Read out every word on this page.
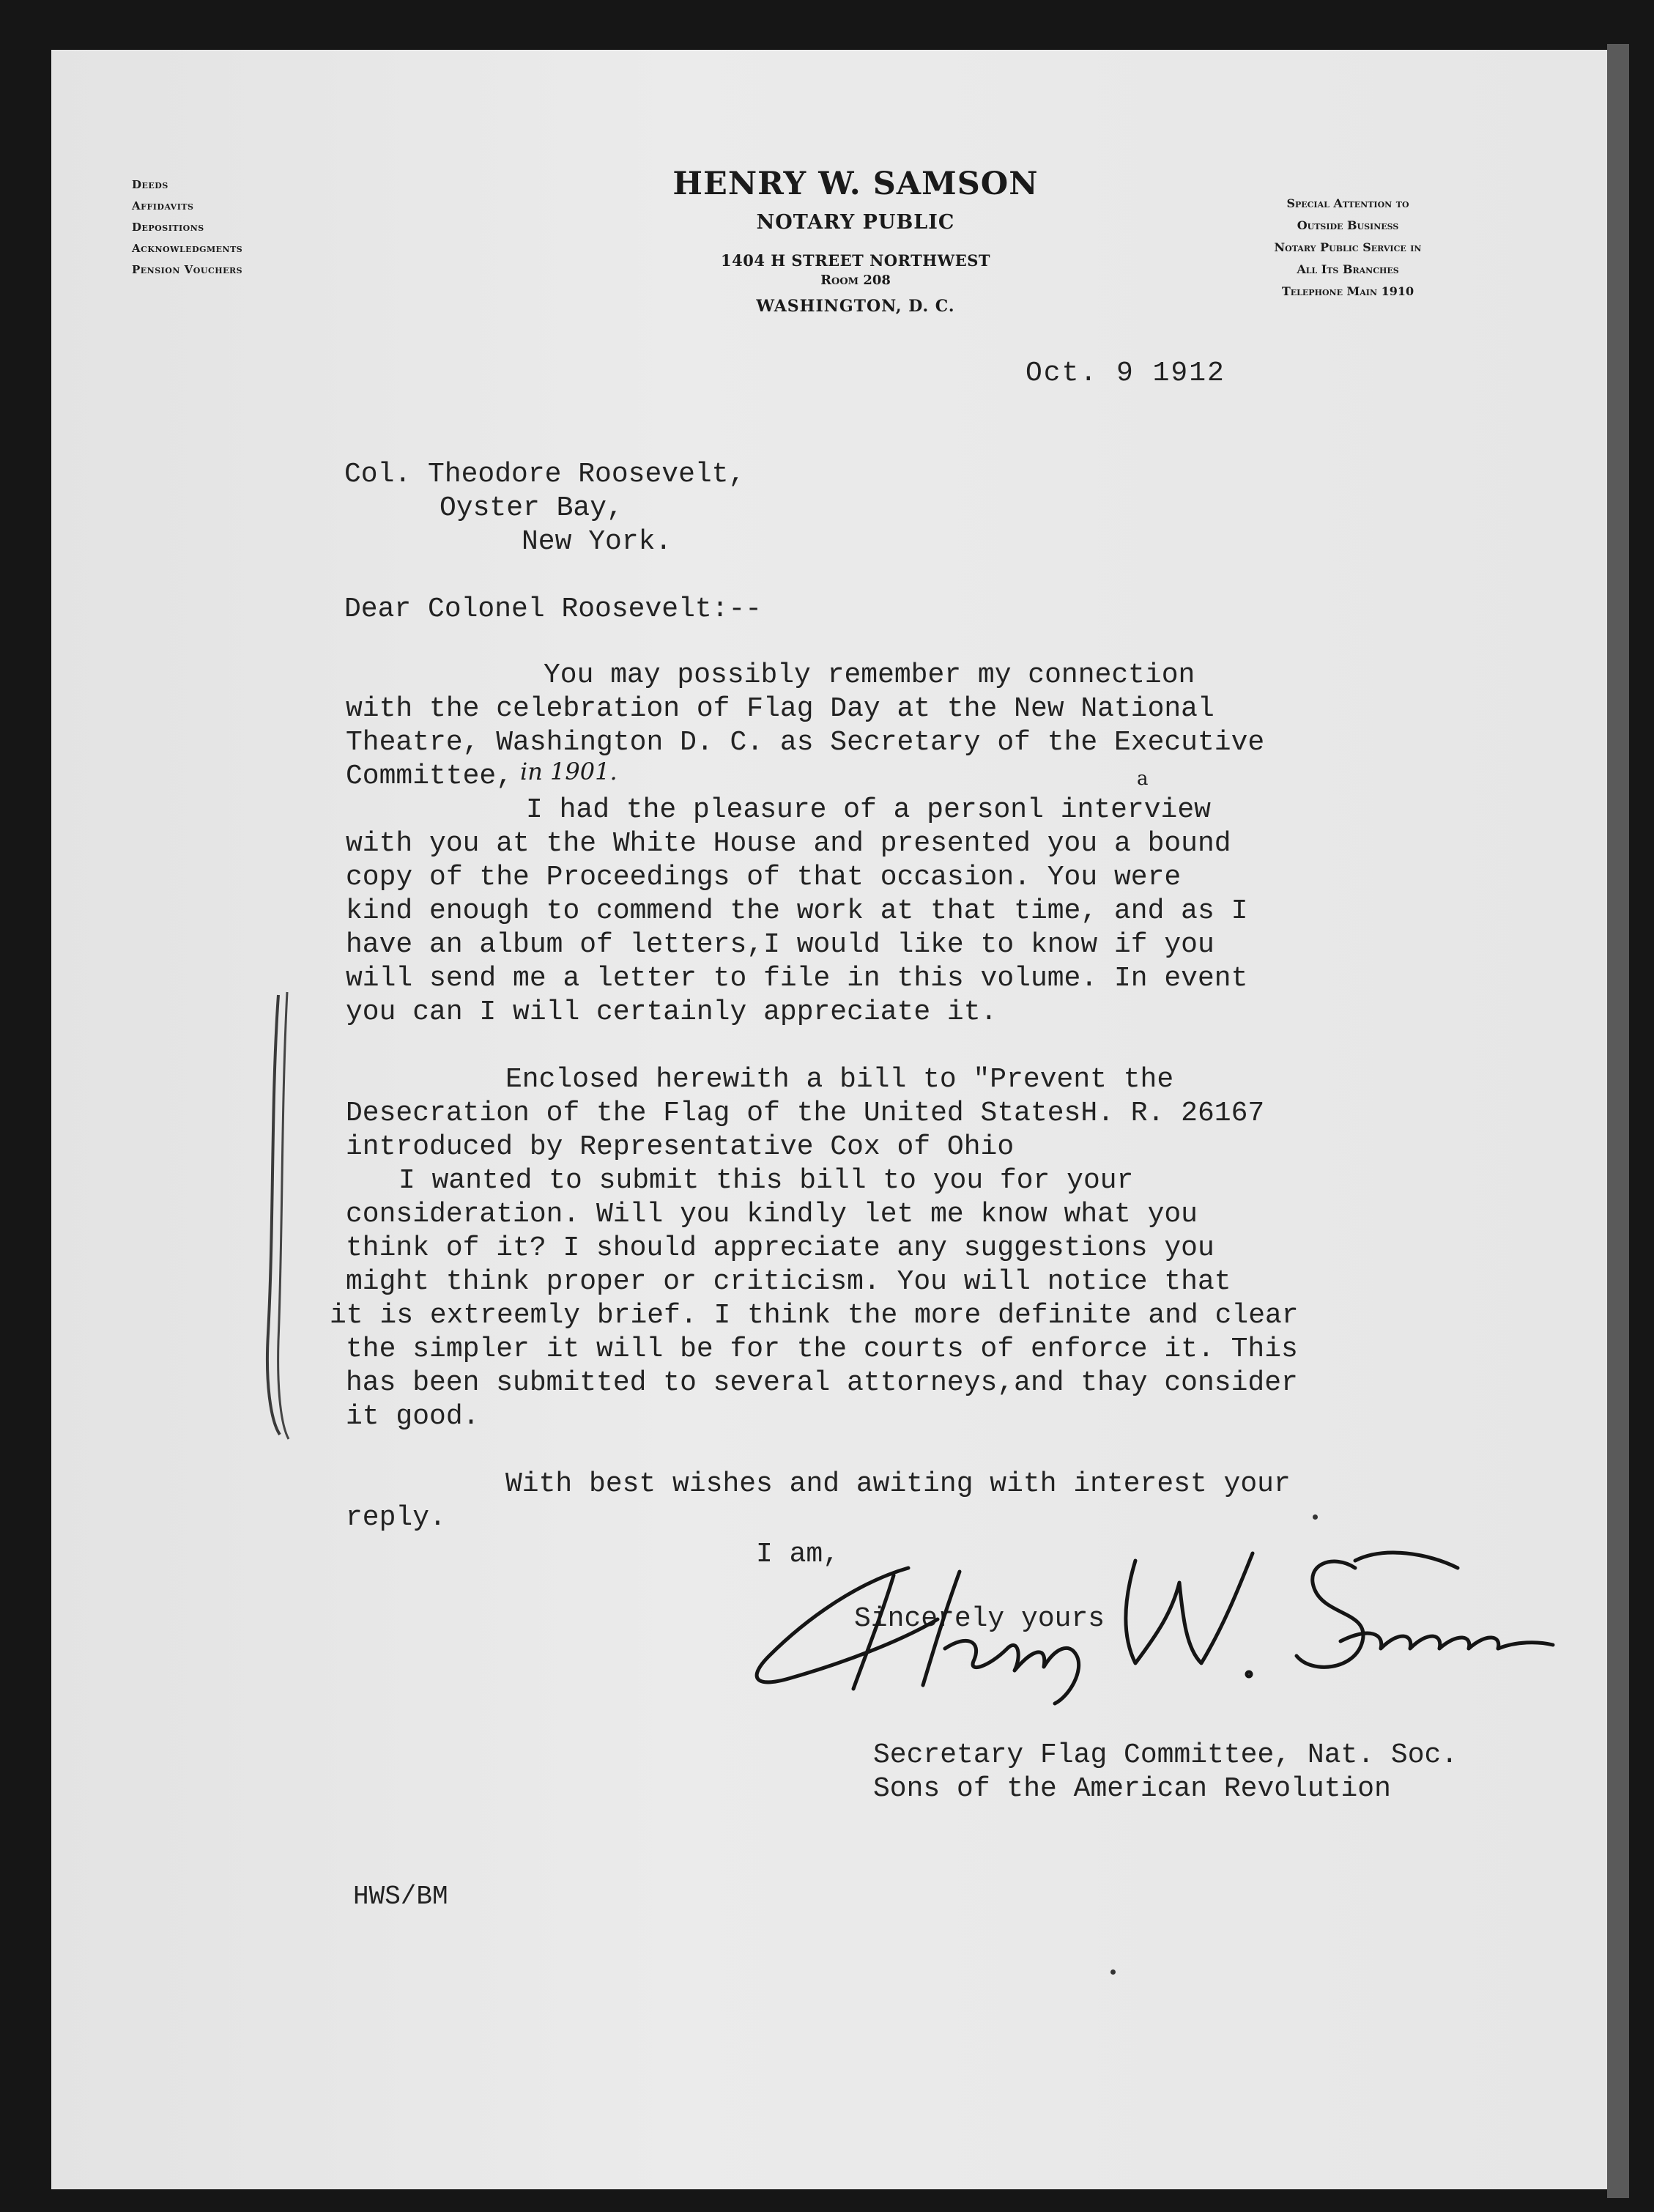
Deeds
Affidavits
Depositions
Acknowledgments
Pension Vouchers
HENRY W. SAMSON
NOTARY PUBLIC
1404 H STREET NORTHWEST
Room 208
WASHINGTON, D. C.
Special Attention to
Outside Business
Notary Public Service in
All Its Branches
Telephone Main 1910
Oct. 9 1912
Col. Theodore Roosevelt,
Oyster Bay,
New York.
Dear Colonel Roosevelt:--
You may possibly remember my connection
with the celebration of Flag Day at the New National
Theatre, Washington D. C. as Secretary of the Executive
Committee, in 1901.	a
I had the pleasure of a personl interview
with you at the White House and presented you a bound
copy of the Proceedings of that occasion. You were
kind enough to commend the work at that time, and as I
have an album of letters,I would like to know if you
will send me a letter to file in this volume. In event
you can I will certainly appreciate it.
Enclosed herewith a bill to "Prevent the
Desecration of the Flag of the United StatesH. R. 26167
introduced by Representative Cox of Ohio
I wanted to submit this bill to you for your
consideration. Will you kindly let me know what you
think of it? I should appreciate any suggestions you
might think proper or criticism. You will notice that
it is extreemly brief. I think the more definite and clear
the simpler it will be for the courts of enforce it. This
has been submitted to several attorneys,and thay consider
it good.
With best wishes and awiting with interest your
reply.
I am,
Sincerely yours
Secretary Flag Committee, Nat. Soc.
Sons of the American Revolution
HWS/BM
